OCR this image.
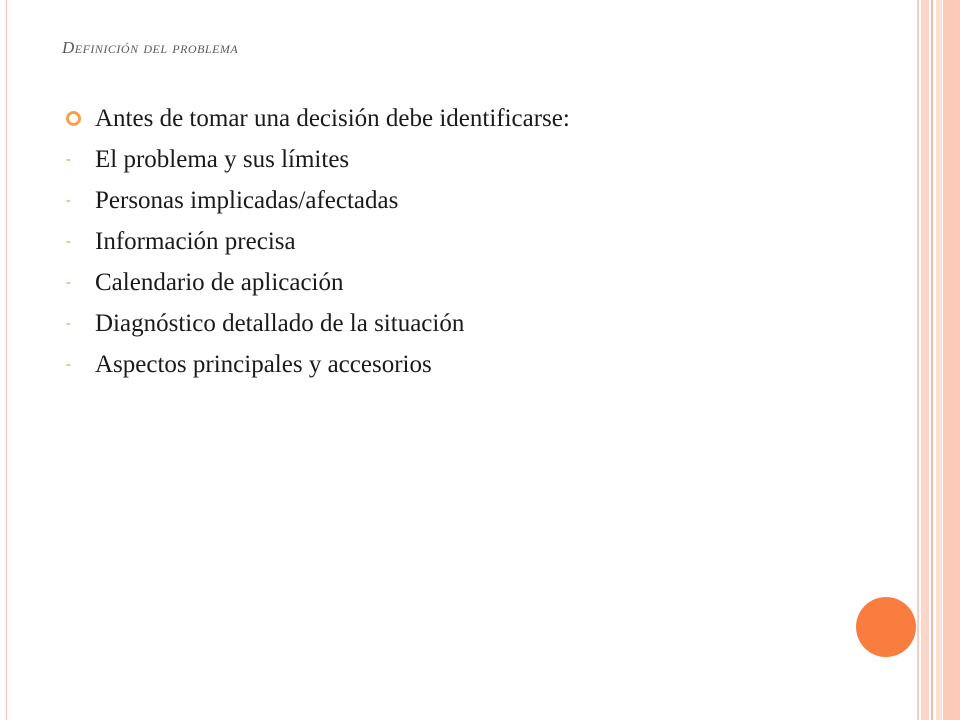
Definición del problema
Antes de tomar una decisión debe identificarse:
- El problema y sus límites
- Personas implicadas/afectadas
- Información precisa
- Calendario de aplicación
- Diagnóstico detallado de la situación
- Aspectos principales y accesorios
